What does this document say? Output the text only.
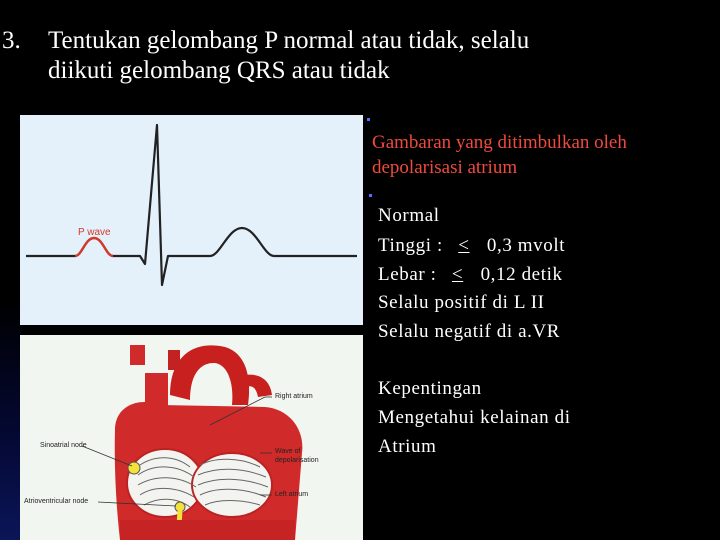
3. Tentukan gelombang P normal atau tidak, selalu
diikuti gelombang QRS atau tidak
P wave
Right atrium
Sinoatrial node
Wave of depolarisation
Atrioventricular node
Left atrium
Gambaran yang ditimbulkan oleh
depolarisasi atrium
Normal
Tinggi : < 0,3 mvolt
Lebar : < 0,12 detik
Selalu positif di L II
Selalu negatif di a.VR
Kepentingan
Mengetahui kelainan di
Atrium
